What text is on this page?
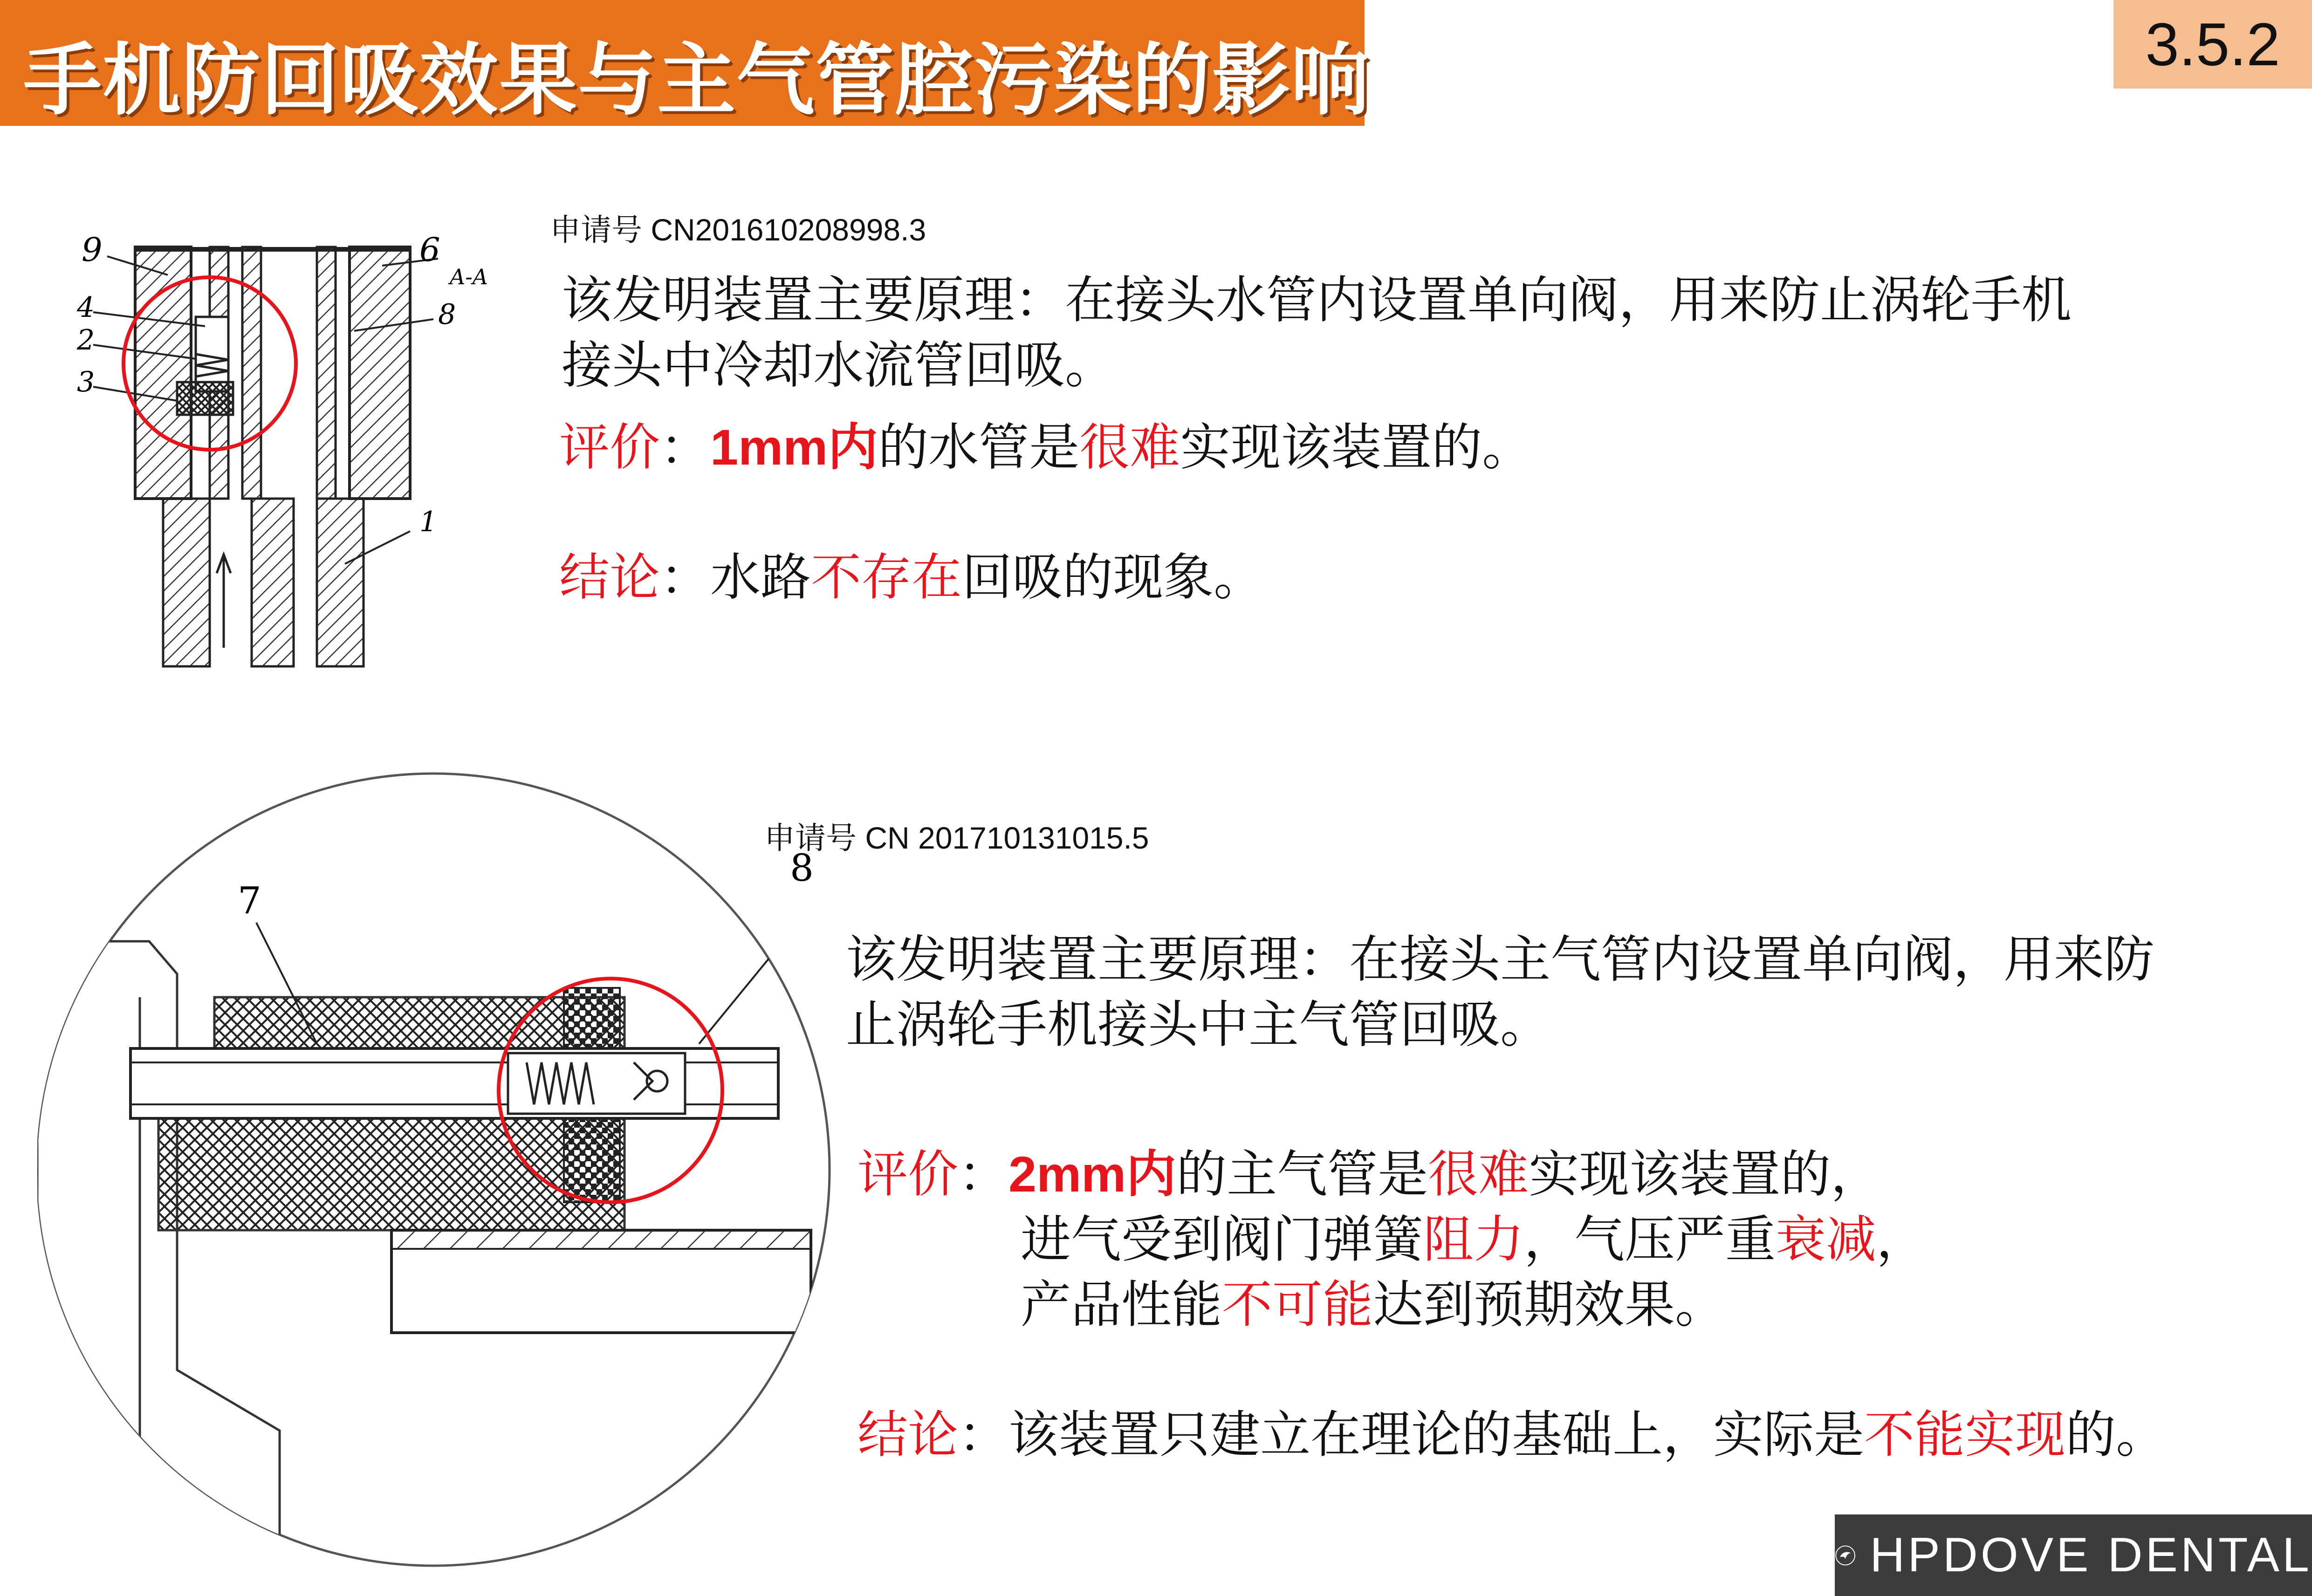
手机防回吸效果与主气管腔污染的影响	3.5.2
9	6
A-A
8
4
2
3
1
申请号 CN201610208998.3
该发明装置主要原理：在接头水管内设置单向阀，用来防止涡轮手机
接头中冷却水流管回吸。
评价：1mm内的水管是很难实现该装置的。
结论：水路不存在回吸的现象。
7
8
申请号 CN 201710131015.5
该发明装置主要原理：在接头主气管内设置单向阀，用来防
止涡轮手机接头中主气管回吸。
评价：2mm内的主气管是很难实现该装置的，
进气受到阀门弹簧阻力，气压严重衰减，
产品性能不可能达到预期效果。
结论：该装置只建立在理论的基础上，实际是不能实现的。
HPDOVE DENTAL
